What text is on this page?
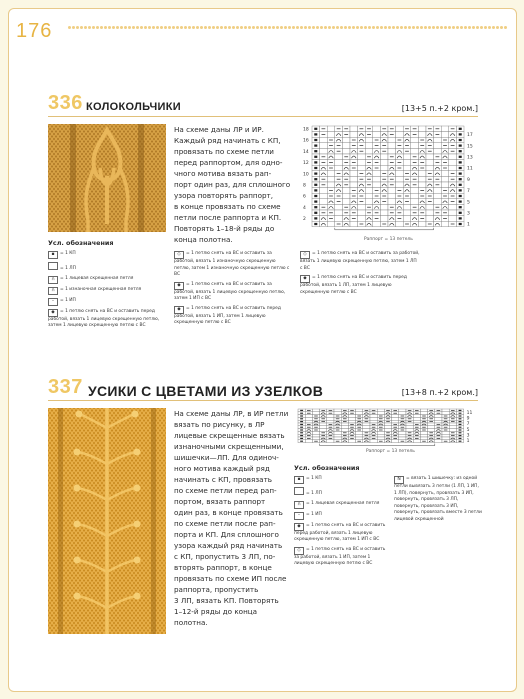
176
336 КОЛОКОЛЬЧИКИ	[13+5 п.+2 кром.]
На схеме даны ЛР и ИР.
Каждый ряд начинать с КП,
провязать по схеме петли
перед раппортом, для одно-
чного мотива вязать рап-
порт один раз, для сплошного
узора повторять раппорт,
в конце провязать по схеме
петли после раппорта и КП.
Повторять 1–18-й ряды до
конца полотна.
1
3
5
7
9
11
13
15
17
2
4
6
8
10
12
14
16
18
Раппорт = 13 петель
Усл. обозначения
▪ = 1 КП
= 1 ЛП
∩ = 1 лицевая скрещенная петля
∩ = 1 изнаночная скрещенная петля
– = 1 ИП
◆ = 1 петлю снять на ВС и оставить перед работой, вязать 1 лицевую скрещенную петлю, затем 1 лицевую скрещенную петлю с ВС
◇ = 1 петлю снять на ВС и оставить за работой, вязать 1 изнаночную скрещенную петлю, затем 1 изнаночную скрещенную петлю с ВС
◆ = 1 петлю снять на ВС и оставить за работой, вязать 1 лицевую скрещенную петлю, затем 1 ИП с ВС
◆ = 1 петлю снять на ВС и оставить перед работой, вязать 1 ИП, затем 1 лицевую скрещенную петлю с ВС
◇ = 1 петлю снять на ВС и оставить за работой, вязать 1 лицевую скрещенную петлю, затем 1 ЛП с ВС
◆ = 1 петлю снять на ВС и оставить перед работой, вязать 1 ЛП, затем 1 лицевую скрещенную петлю с ВС
337 УСИКИ С ЦВЕТАМИ ИЗ УЗЕЛКОВ	[13+8 п.+2 кром.]
На схеме даны ЛР, в ИР петли
вязать по рисунку, в ЛР
лицевые скрещенные вязать
изнаночными скрещенными,
шишечки—ЛП. Для одиноч-
ного мотива каждый ряд
начинать с КП, провязать
по схеме петли перед рап-
портом, вязать раппорт
один раз, в конце провязать
по схеме петли после рап-
порта и КП. Для сплошного
узора каждый ряд начинать
с КП, пропустить 3 ЛП, по-
вторять раппорт, в конце
провязать по схеме ИП после
раппорта, пропустить
3 ЛП, вязать КП. Повторять
1–12-й ряды до конца
полотна.
1
3
5
7
9
11
Раппорт = 13 петель
Усл. обозначения
▪ = 1 КП
= 1 ЛП
∩ = 1 лицевая скрещенная петля
– = 1 ИП
◆ = 1 петлю снять на ВС и оставить перед работой, вязать 1 лицевую скрещенную петлю, затем 1 ИП с ВС
◇ = 1 петлю снять на ВС и оставить за работой, вязать 1 ИП, затем 1 лицевую скрещенную петлю с ВС
N = вязать 1 шишечку: из одной петли вывязать 3 петли (1 ЛП, 1 ИП, 1 ЛП), повернуть, провязать 3 ИП, повернуть, провязать 3 ЛП, повернуть, провязать 3 ИП, повернуть, провязать вместе 3 петли лицевой скрещенной
